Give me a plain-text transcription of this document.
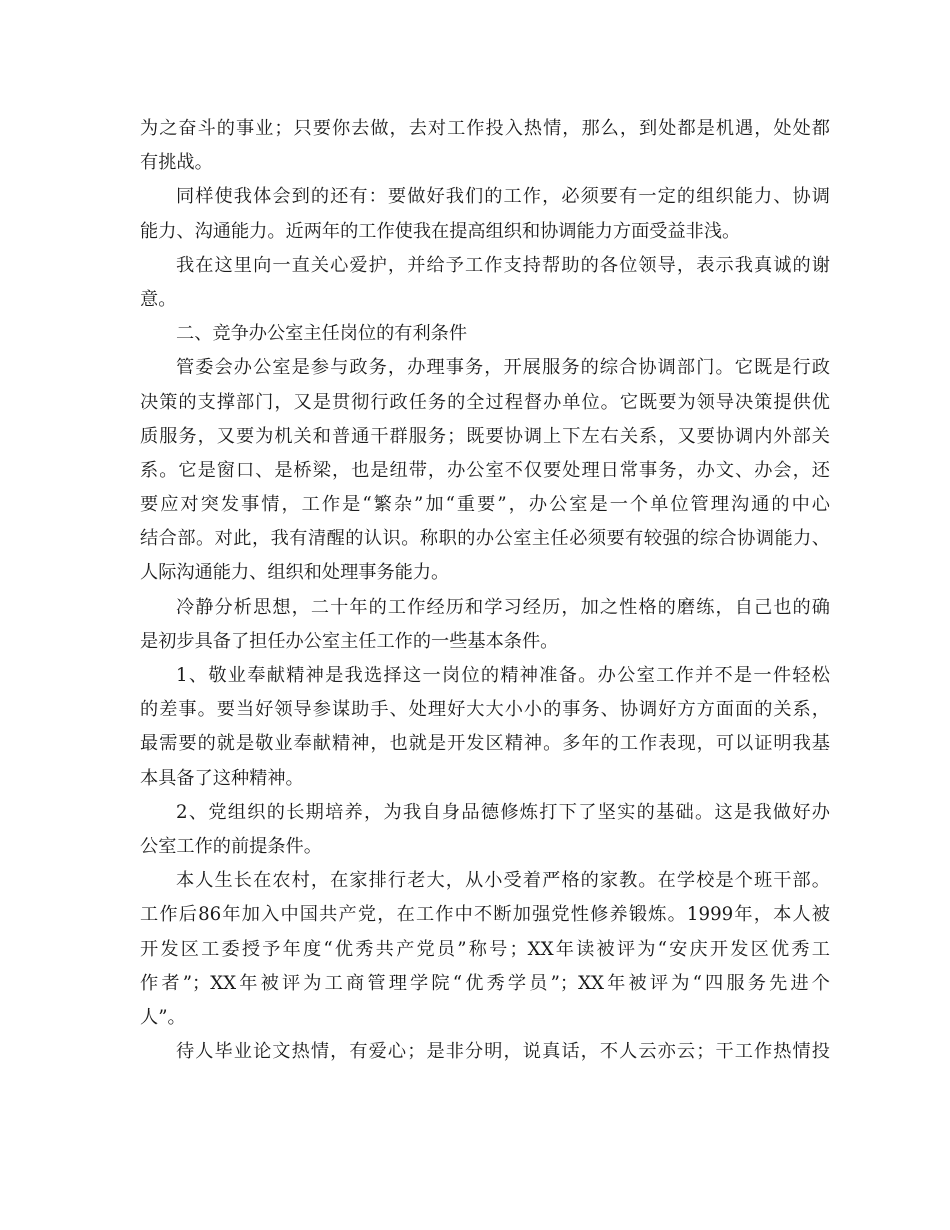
为之奋斗的事业；只要你去做，去对工作投入热情，那么，到处都是机遇，处处都
有挑战。
同样使我体会到的还有：要做好我们的工作，必须要有一定的组织能力、协调
能力、沟通能力。近两年的工作使我在提高组织和协调能力方面受益非浅。
我在这里向一直关心爱护，并给予工作支持帮助的各位领导，表示我真诚的谢
意。
二、竞争办公室主任岗位的有利条件
管委会办公室是参与政务，办理事务，开展服务的综合协调部门。它既是行政
决策的支撑部门，又是贯彻行政任务的全过程督办单位。它既要为领导决策提供优
质服务，又要为机关和普通干群服务；既要协调上下左右关系，又要协调内外部关
系。它是窗口、是桥梁，也是纽带，办公室不仅要处理日常事务，办文、办会，还
要应对突发事情，工作是“繁杂”加“重要”，办公室是一个单位管理沟通的中心
结合部。对此，我有清醒的认识。称职的办公室主任必须要有较强的综合协调能力、
人际沟通能力、组织和处理事务能力。
冷静分析思想，二十年的工作经历和学习经历，加之性格的磨练，自己也的确
是初步具备了担任办公室主任工作的一些基本条件。
1、敬业奉献精神是我选择这一岗位的精神准备。办公室工作并不是一件轻松
的差事。要当好领导参谋助手、处理好大大小小的事务、协调好方方面面的关系，
最需要的就是敬业奉献精神，也就是开发区精神。多年的工作表现，可以证明我基
本具备了这种精神。
2、党组织的长期培养，为我自身品德修炼打下了坚实的基础。这是我做好办
公室工作的前提条件。
本人生长在农村，在家排行老大，从小受着严格的家教。在学校是个班干部。
工作后86年加入中国共产党，在工作中不断加强党性修养锻炼。1999年，本人被
开发区工委授予年度“优秀共产党员”称号；XX年读被评为“安庆开发区优秀工
作者”；XX年被评为工商管理学院“优秀学员”；XX年被评为“四服务先进个
人”。
待人毕业论文热情，有爱心；是非分明，说真话，不人云亦云；干工作热情投
